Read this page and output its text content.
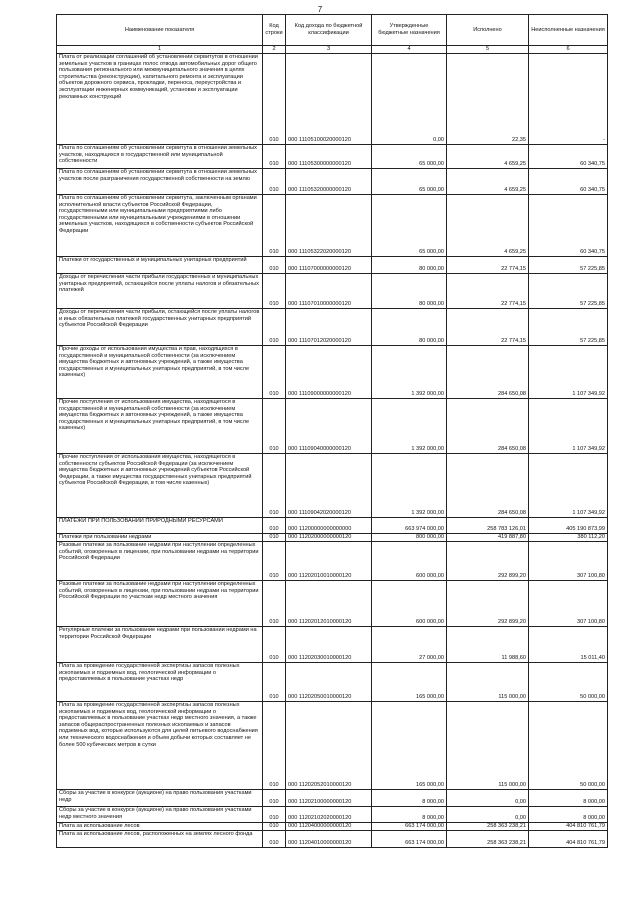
7
Наименование показателя	Код строки	Код дохода по бюджетной классификации	Утвержденные бюджетные назначения	Исполнено	Неисполненные назначения
1	2	3	4	5	6
Плата от реализации соглашений об установлении сервитутов в отношении земельных участков в границах полос отвода автомобильных дорог общего пользования регионального или межмуниципального значения в целях строительства (реконструкции), капитального ремонта и эксплуатации объектов дорожного сервиса, прокладки, переноса, переустройства и эксплуатации инженерных коммуникаций, установки и эксплуатации рекламных конструкций	010	000 11105100020000120	0,00	22,35	-
Плата по соглашениям об установлении сервитута в отношении земельных участков, находящихся в государственной или муниципальной собственности	010	000 11105300000000120	65 000,00	4 659,25	60 340,75
Плата по соглашениям об установлении сервитута в отношении земельных участков после разграничения государственной собственности на землю	010	000 11105320000000120	65 000,00	4 659,25	60 340,75
Плата по соглашениям об установлении сервитута, заключенным органами исполнительной власти субъектов Российской Федерации, государственными или муниципальными предприятиями либо государственными или муниципальными учреждениями в отношении земельных участков, находящихся в собственности субъектов Российской Федерации	010	000 11105322020000120	65 000,00	4 659,25	60 340,75
Платежи от государственных и муниципальных унитарных предприятий	010	000 11107000000000120	80 000,00	22 774,15	57 225,85
Доходы от перечисления части прибыли государственных и муниципальных унитарных предприятий, остающейся после уплаты налогов и обязательных платежей	010	000 11107010000000120	80 000,00	22 774,15	57 225,85
Доходы от перечисления части прибыли, остающейся после уплаты налогов и иных обязательных платежей государственных унитарных предприятий субъектов Российской Федерации	010	000 11107012020000120	80 000,00	22 774,15	57 225,85
Прочие доходы от использования имущества и прав, находящихся в государственной и муниципальной собственности (за исключением имущества бюджетных и автономных учреждений, а также имущества государственных и муниципальных унитарных предприятий, в том числе казенных)	010	000 11109000000000120	1 392 000,00	284 650,08	1 107 349,92
Прочие поступления от использования имущества, находящегося в государственной и муниципальной собственности (за исключением имущества бюджетных и автономных учреждений, а также имущества государственных и муниципальных унитарных предприятий, в том числе казенных)	010	000 11109040000000120	1 392 000,00	284 650,08	1 107 349,92
Прочие поступления от использования имущества, находящегося в собственности субъектов Российской Федерации (за исключением имущества бюджетных и автономных учреждений субъектов Российской Федерации, а также имущества государственных унитарных предприятий субъектов Российской Федерации, в том числе казенных)	010	000 11109042020000120	1 392 000,00	284 650,08	1 107 349,92
ПЛАТЕЖИ ПРИ ПОЛЬЗОВАНИИ ПРИРОДНЫМИ РЕСУРСАМИ	010	000 11200000000000000	663 974 000,00	258 783 126,01	405 190 873,99
Платежи при пользовании недрами	010	000 11202000000000120	800 000,00	419 887,80	380 112,20
Разовые платежи за пользование недрами при наступлении определенных событий, оговоренных в лицензии, при пользовании недрами на территории Российской Федерации	010	000 11202010010000120	600 000,00	292 899,20	307 100,80
Разовые платежи за пользование недрами при наступлении определенных событий, оговоренных в лицензии, при пользовании недрами на территории Российской Федерации по участкам недр местного значения	010	000 11202012010000120	600 000,00	292 899,20	307 100,80
Регулярные платежи за пользование недрами при пользовании недрами на территории Российской Федерации	010	000 11202030010000120	27 000,00	11 988,60	15 011,40
Плата за проведение государственной экспертизы запасов полезных ископаемых и подземных вод, геологической информации о предоставляемых в пользование участках недр	010	000 11202050010000120	165 000,00	115 000,00	50 000,00
Плата за проведение государственной экспертизы запасов полезных ископаемых и подземных вод, геологической информации о предоставляемых в пользование участках недр местного значения, а также запасов общераспространенных полезных ископаемых и запасов подземных вод, которые используются для целей питьевого водоснабжения или технического водоснабжения и объем добычи которых составляет не более 500 кубических метров в сутки	010	000 11202052010000120	165 000,00	115 000,00	50 000,00
Сборы за участие в конкурсе (аукционе) на право пользования участками недр	010	000 11202100000000120	8 000,00	0,00	8 000,00
Сборы за участие в конкурсе (аукционе) на право пользования участками недр местного значения	010	000 11202102020000120	8 000,00	0,00	8 000,00
Плата за использование лесов	010	000 11204000000000120	663 174 000,00	258 363 238,21	404 810 761,79
Плата за использование лесов, расположенных на землях лесного фонда	010	000 11204010000000120	663 174 000,00	258 363 238,21	404 810 761,79
